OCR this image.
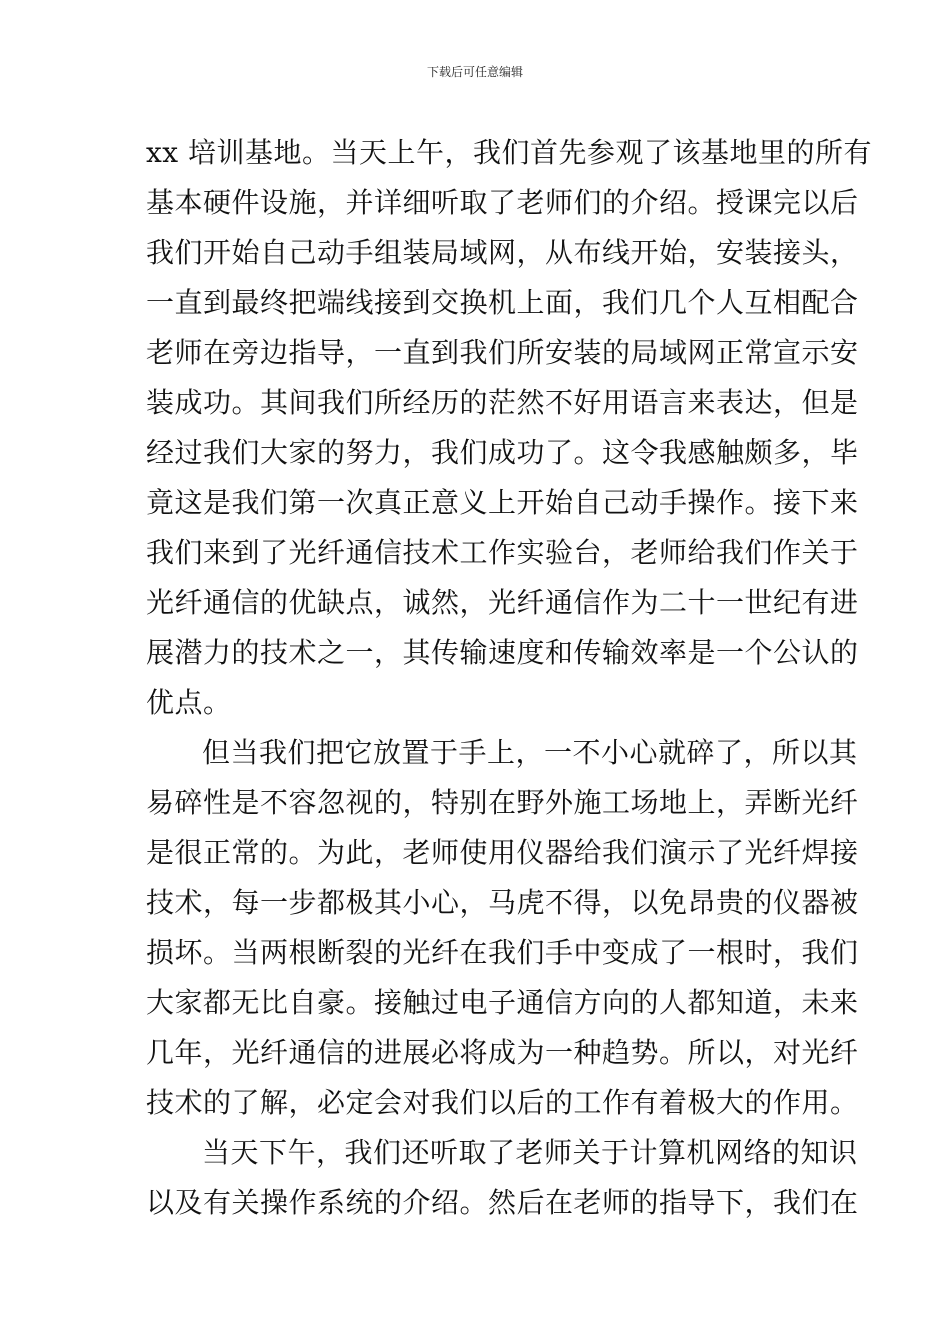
下载后可任意编辑
xx 培训基地。当天上午，我们首先参观了该基地里的所有
基本硬件设施，并详细听取了老师们的介绍。授课完以后
我们开始自己动手组装局域网，从布线开始，安装接头，
一直到最终把端线接到交换机上面，我们几个人互相配合
老师在旁边指导，一直到我们所安装的局域网正常宣示安
装成功。其间我们所经历的茫然不好用语言来表达，但是
经过我们大家的努力，我们成功了。这令我感触颇多，毕
竟这是我们第一次真正意义上开始自己动手操作。接下来
我们来到了光纤通信技术工作实验台，老师给我们作关于
光纤通信的优缺点，诚然，光纤通信作为二十一世纪有进
展潜力的技术之一，其传输速度和传输效率是一个公认的
优点。
但当我们把它放置于手上，一不小心就碎了，所以其
易碎性是不容忽视的，特别在野外施工场地上，弄断光纤
是很正常的。为此，老师使用仪器给我们演示了光纤焊接
技术，每一步都极其小心，马虎不得，以免昂贵的仪器被
损坏。当两根断裂的光纤在我们手中变成了一根时，我们
大家都无比自豪。接触过电子通信方向的人都知道，未来
几年，光纤通信的进展必将成为一种趋势。所以，对光纤
技术的了解，必定会对我们以后的工作有着极大的作用。
当天下午，我们还听取了老师关于计算机网络的知识
以及有关操作系统的介绍。然后在老师的指导下，我们在
